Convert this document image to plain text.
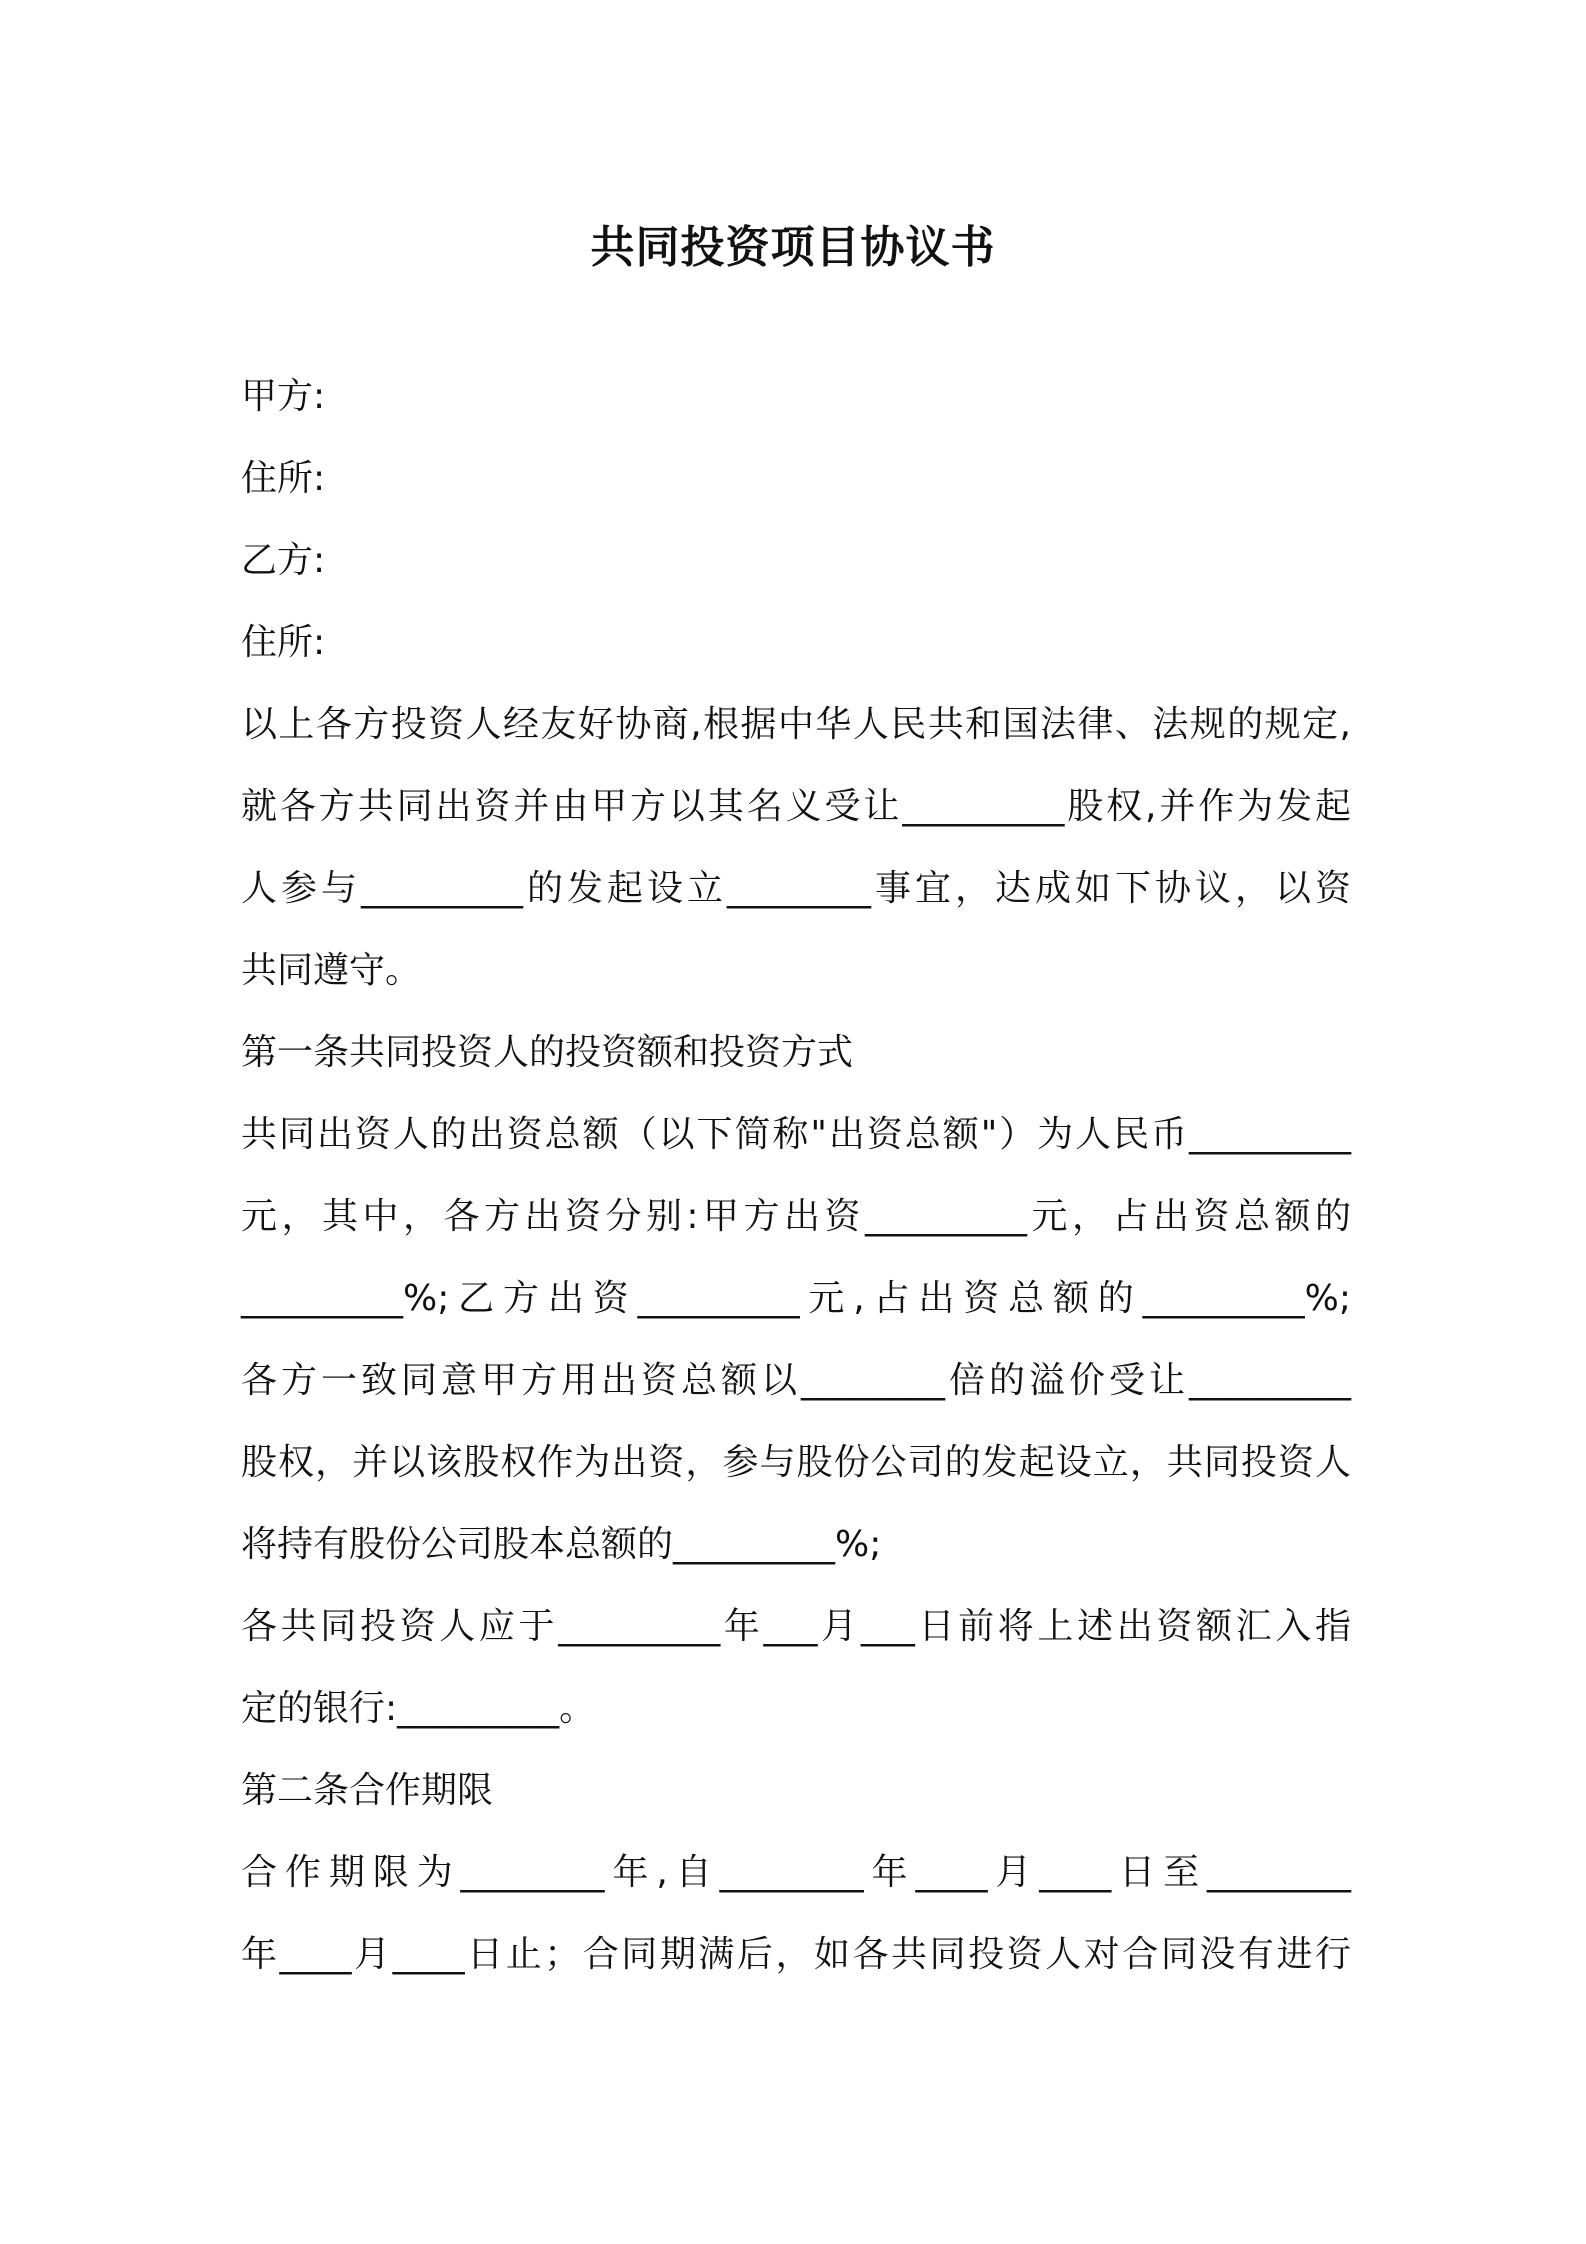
共同投资项目协议书
甲方:
住所:
乙方:
住所:
以上各方投资人经友好协商,根据中华人民共和国法律、法规的规定,
就各方共同出资并由甲方以其名义受让_________股权,并作为发起
人参与_________的发起设立________事宜，达成如下协议，以资
共同遵守。
第一条共同投资人的投资额和投资方式
共同出资人的出资总额（以下简称"出资总额"）为人民币_________
元，其中，各方出资分别:甲方出资_________元，占出资总额的
_________%;乙方出资_________元,占出资总额的_________%;
各方一致同意甲方用出资总额以________倍的溢价受让_________
股权，并以该股权作为出资，参与股份公司的发起设立，共同投资人
将持有股份公司股本总额的_________%;
各共同投资人应于_________年___月___日前将上述出资额汇入指
定的银行:_________。
第二条合作期限
合作期限为________年,自________年____月____日至________
年____月____日止；合同期满后，如各共同投资人对合同没有进行
